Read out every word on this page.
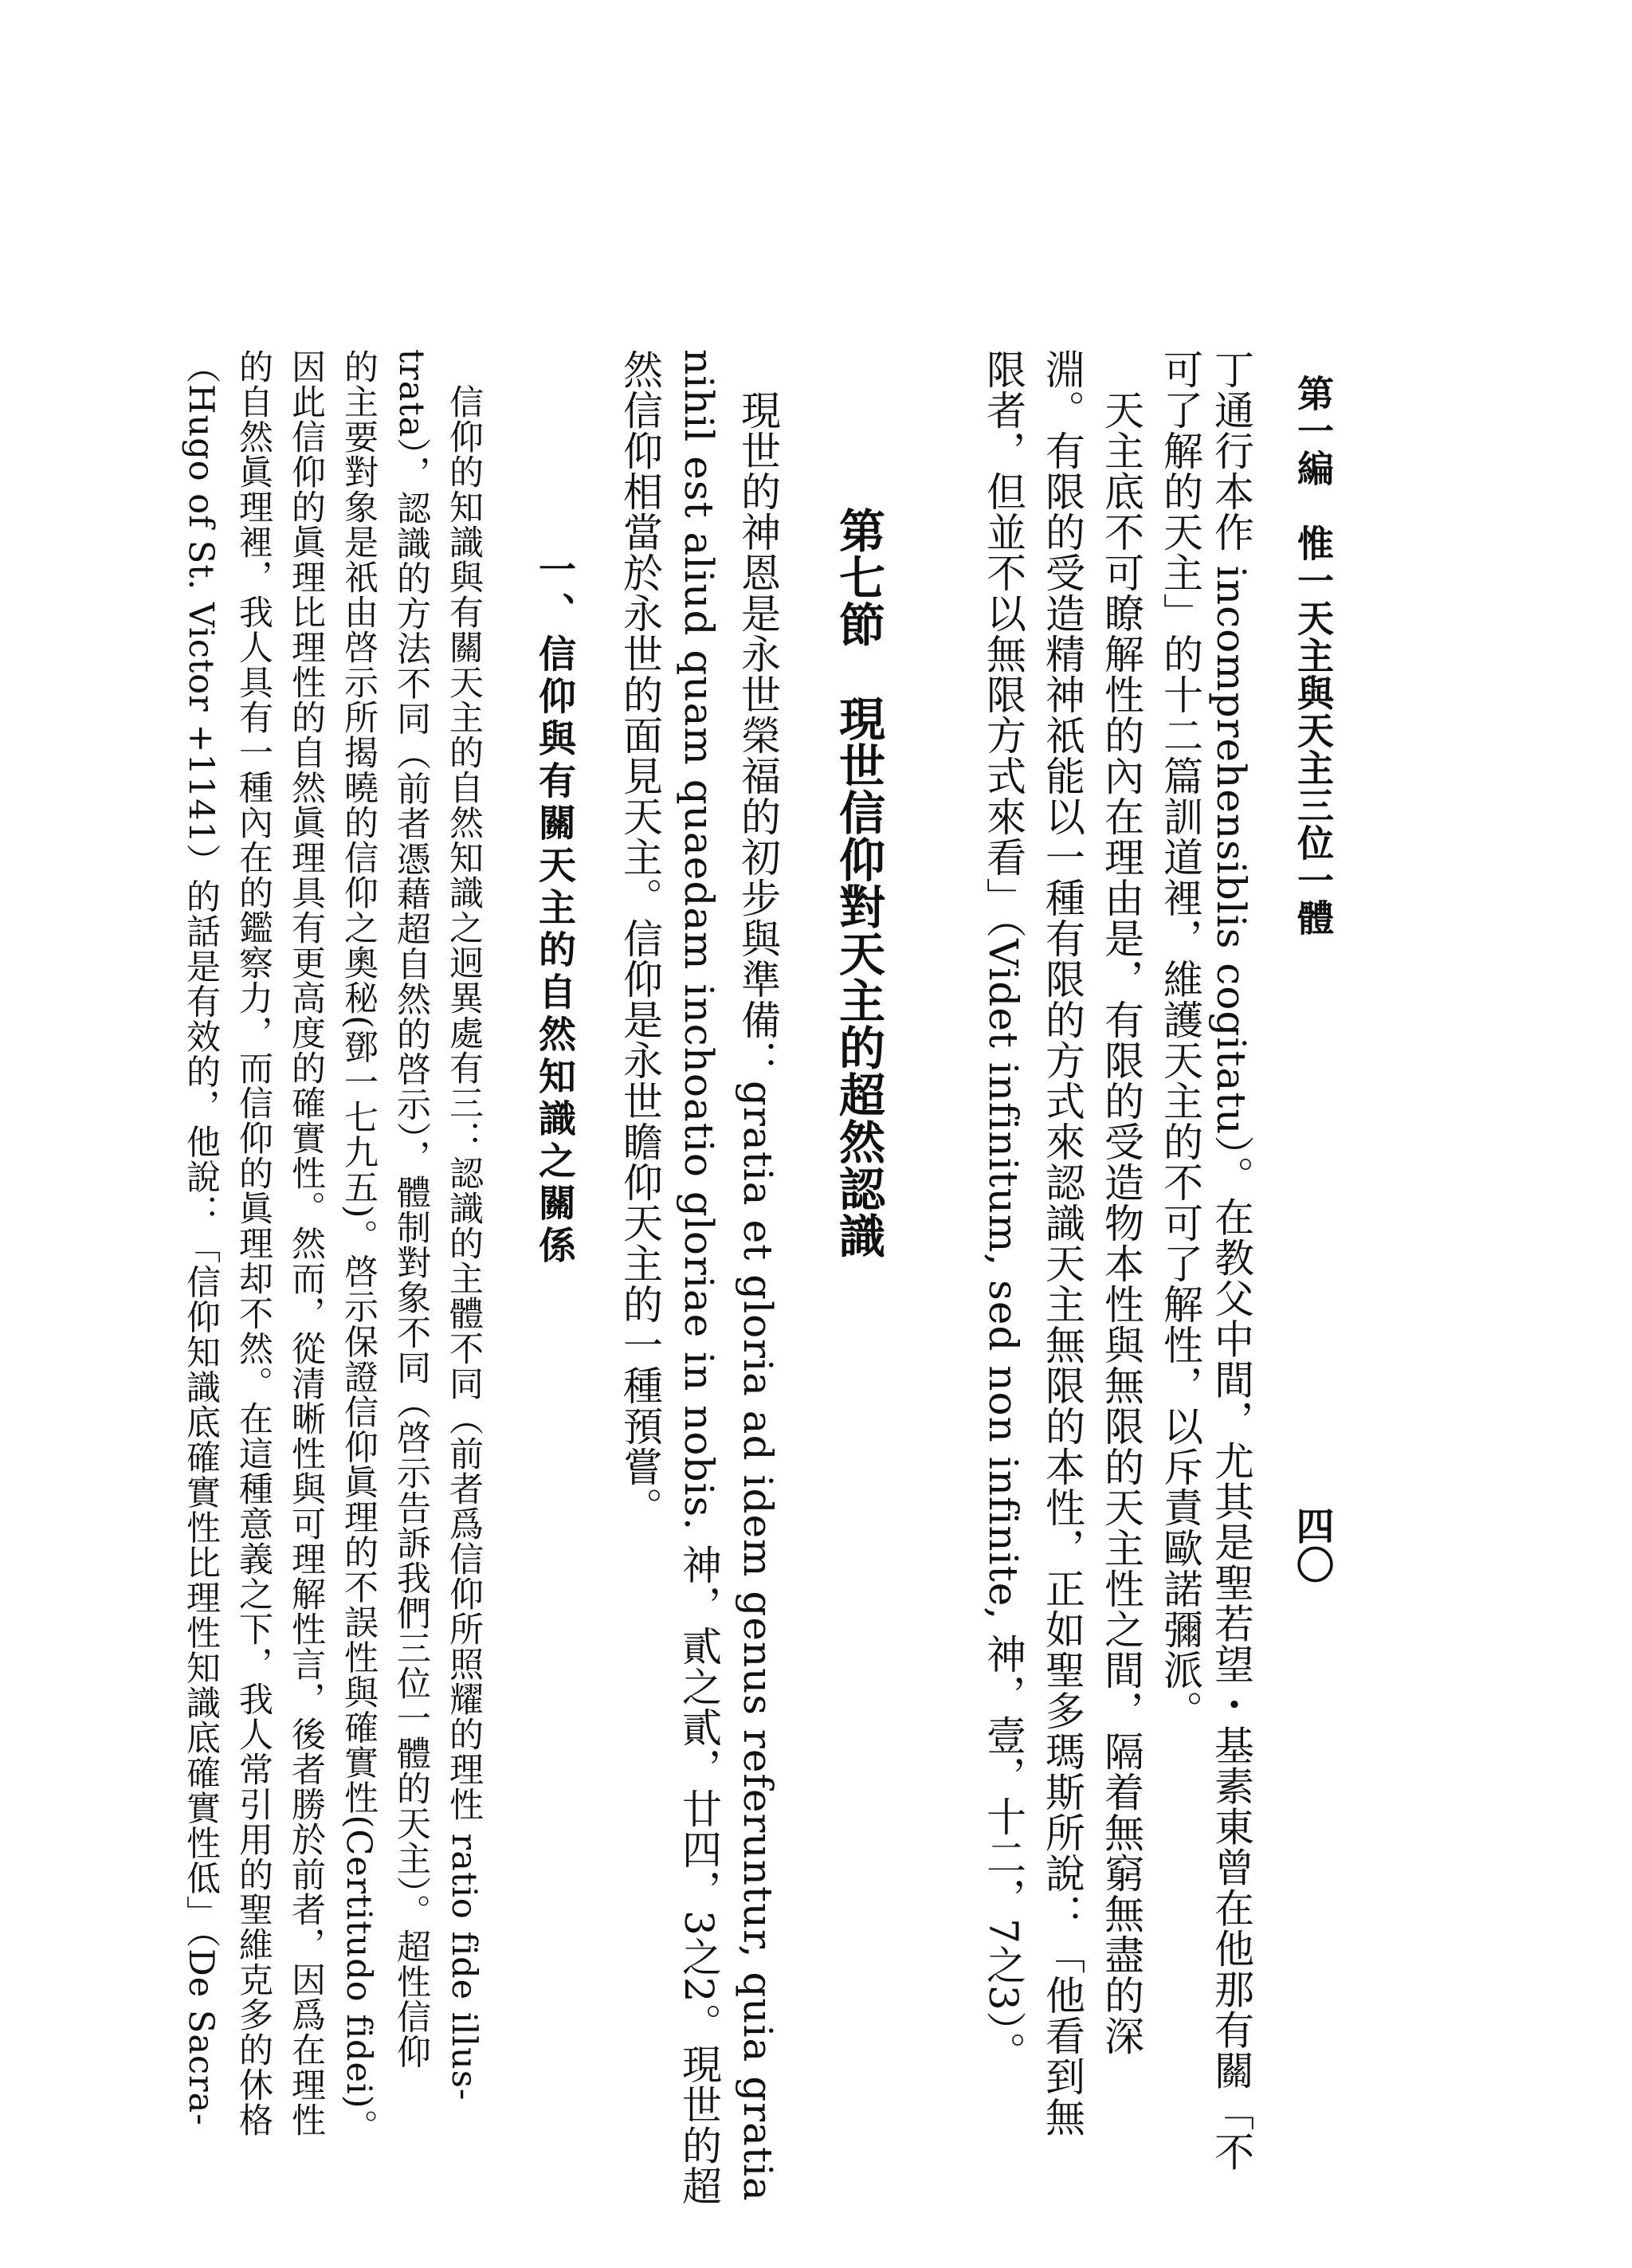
第一編　惟一天主與天主三位一體
四〇
丁通行本作 incomprehensiblis cogitatu）。在教父中間，尤其是聖若望・基素東曾在他那有關「不
可了解的天主」的十二篇訓道裡，維護天主的不可了解性，以斥責歐諾彌派。
　天主底不可瞭解性的內在理由是，有限的受造物本性與無限的天主性之間，隔着無窮無盡的深
淵。有限的受造精神祇能以一種有限的方式來認識天主無限的本性，正如聖多瑪斯所說：「他看到無
限者，但並不以無限方式來看」（Videt infinitum, sed non infinite, 神，壹，十二，7之3）。
第七節　現世信仰對天主的超然認識
　現世的神恩是永世榮福的初步與準備：gratia et gloria ad idem genus referuntur, quia gratia
nihil est aliud quam quaedam inchoatio gloriae in nobis. 神，貳之貳，廿四，3之2。現世的超
然信仰相當於永世的面見天主。信仰是永世瞻仰天主的一種預嘗。
一、信仰與有關天主的自然知識之關係
　信仰的知識與有關天主的自然知識之迥異處有三：認識的主體不同（前者爲信仰所照耀的理性 ratio fide illus-
trata），認識的方法不同（前者憑藉超自然的啓示），體制對象不同（啓示告訴我們三位一體的天主）。超性信仰
的主要對象是祇由啓示所揭曉的信仰之奧秘(鄧一七九五)。啓示保證信仰眞理的不誤性與確實性(Certitudo fidei)。
因此信仰的眞理比理性的自然眞理具有更高度的確實性。然而，從清晰性與可理解性言，後者勝於前者，因爲在理性
的自然眞理裡，我人具有一種內在的鑑察力，而信仰的眞理却不然。在這種意義之下，我人常引用的聖維克多的休格
（Hugo of St. Victor +1141）的話是有效的，他說：「信仰知識底確實性比理性知識底確實性低」（De Sacra-
